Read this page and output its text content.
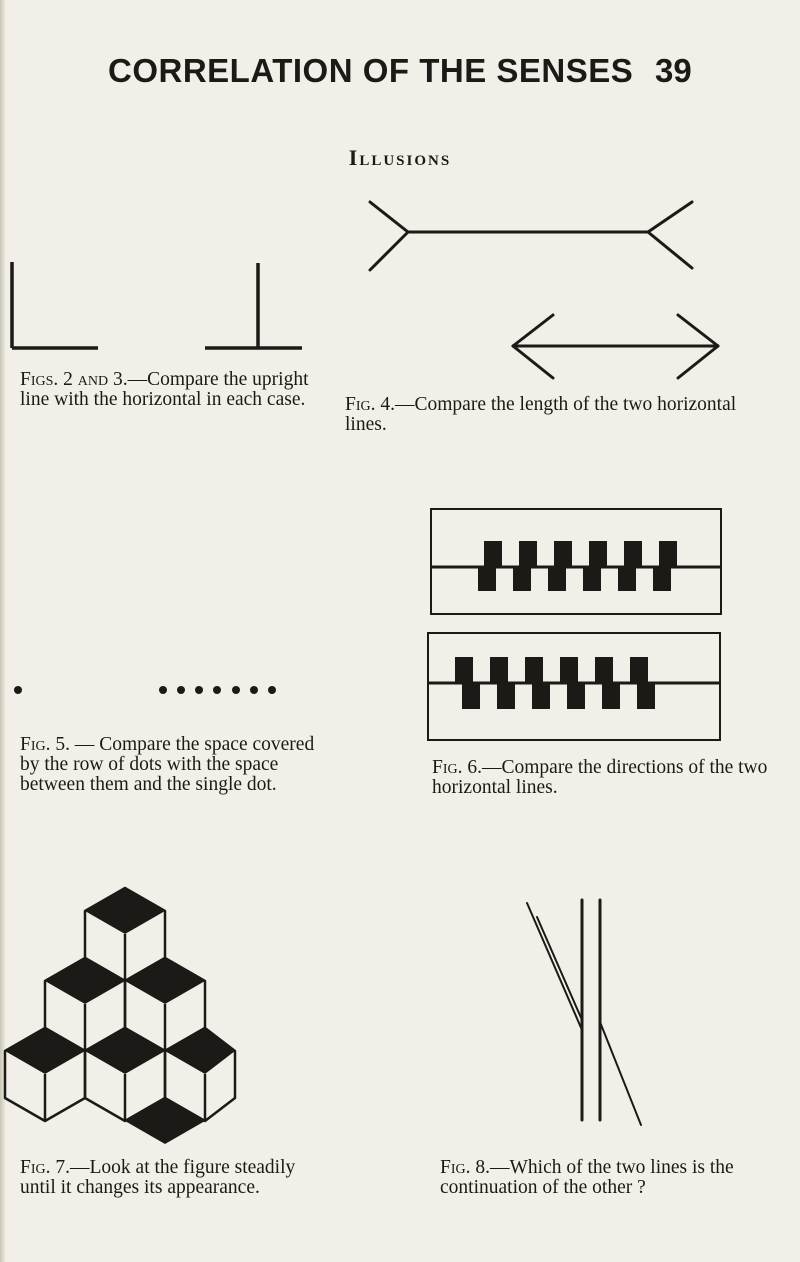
CORRELATION OF THE SENSES 39
Illusions
Figs. 2 and 3.—Compare the upright line with the horizontal in each case.	Fig. 4.—Compare the length of the two horizontal lines.
Fig. 5. — Compare the space covered by the row of dots with the space between them and the single dot.
Fig. 6.—Compare the directions of the two horizontal lines.
Fig. 7.—Look at the figure steadily until it changes its appearance.
Fig. 8.—Which of the two lines is the continuation of the other ?
